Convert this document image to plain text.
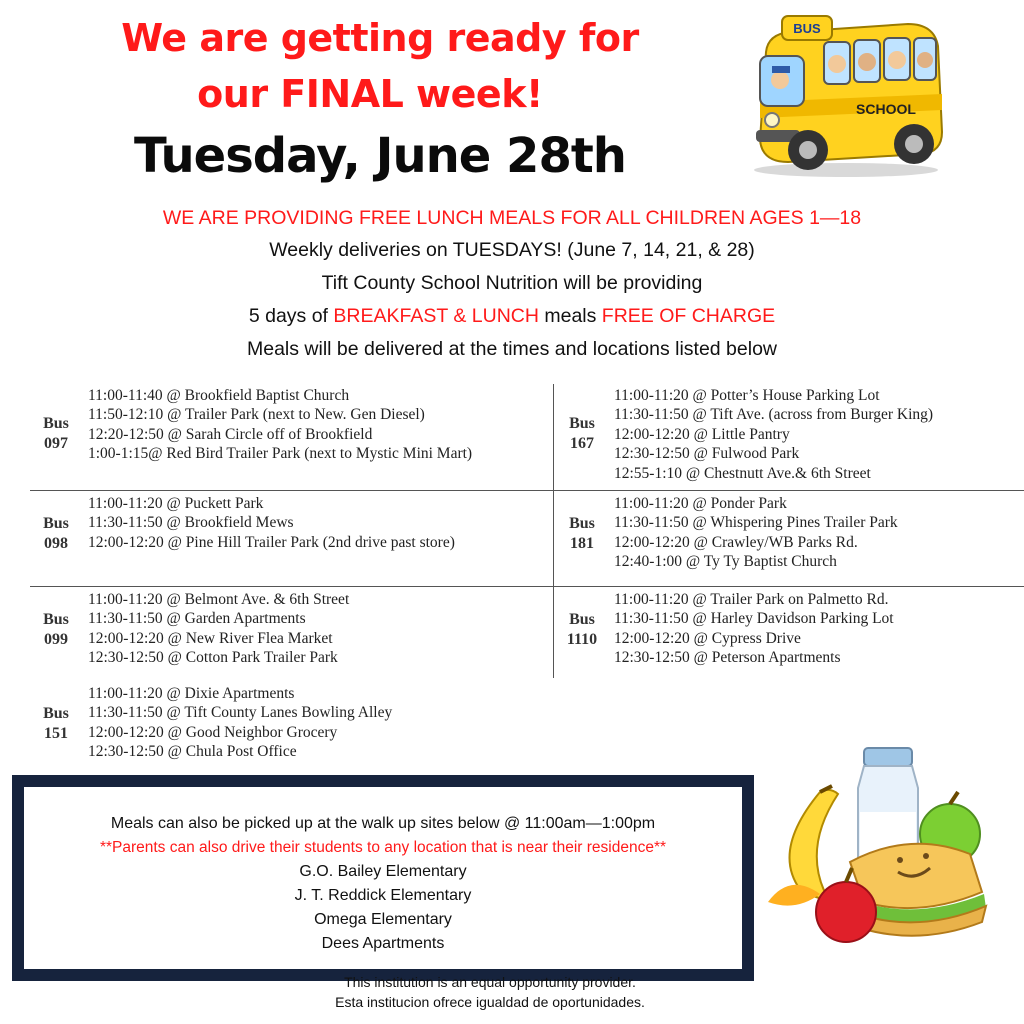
We are getting ready for
our FINAL week!
Tuesday, June 28th
BUS
SCHOOL
WE ARE PROVIDING FREE LUNCH MEALS FOR ALL CHILDREN AGES 1—18
Weekly deliveries on TUESDAYS! (June 7, 14, 21, & 28)
Tift County School Nutrition will be providing
5 days of BREAKFAST & LUNCH meals FREE OF CHARGE
Meals will be delivered at the times and locations listed below
Bus
097
11:00-11:40 @ Brookfield Baptist Church
11:50-12:10 @ Trailer Park (next to New. Gen Diesel)
12:20-12:50 @ Sarah Circle off of Brookfield
1:00-1:15@ Red Bird Trailer Park (next to Mystic Mini Mart)
Bus
167
11:00-11:20 @ Potter’s House Parking Lot
11:30-11:50 @ Tift Ave. (across from Burger King)
12:00-12:20 @ Little Pantry
12:30-12:50 @ Fulwood Park
12:55-1:10 @ Chestnutt Ave.& 6th Street
Bus
098
11:00-11:20 @ Puckett Park
11:30-11:50 @ Brookfield Mews
12:00-12:20 @ Pine Hill Trailer Park (2nd drive past store)
Bus
181
11:00-11:20 @ Ponder Park
11:30-11:50 @ Whispering Pines Trailer Park
12:00-12:20 @ Crawley/WB Parks Rd.
12:40-1:00 @ Ty Ty Baptist Church
Bus
099
11:00-11:20 @ Belmont Ave. & 6th Street
11:30-11:50 @ Garden Apartments
12:00-12:20 @ New River Flea Market
12:30-12:50 @ Cotton Park Trailer Park
Bus
1110
11:00-11:20 @ Trailer Park on Palmetto Rd.
11:30-11:50 @ Harley Davidson Parking Lot
12:00-12:20 @ Cypress Drive
12:30-12:50 @ Peterson Apartments
Bus
151
11:00-11:20 @ Dixie Apartments
11:30-11:50 @ Tift County Lanes Bowling Alley
12:00-12:20 @ Good Neighbor Grocery
12:30-12:50 @ Chula Post Office
Meals can also be picked up at the walk up sites below @ 11:00am—1:00pm
**Parents can also drive their students to any location that is near their residence**
G.O. Bailey Elementary
J. T. Reddick Elementary
Omega Elementary
Dees Apartments
This institution is an equal opportunity provider.
Esta institucion ofrece igualdad de oportunidades.
